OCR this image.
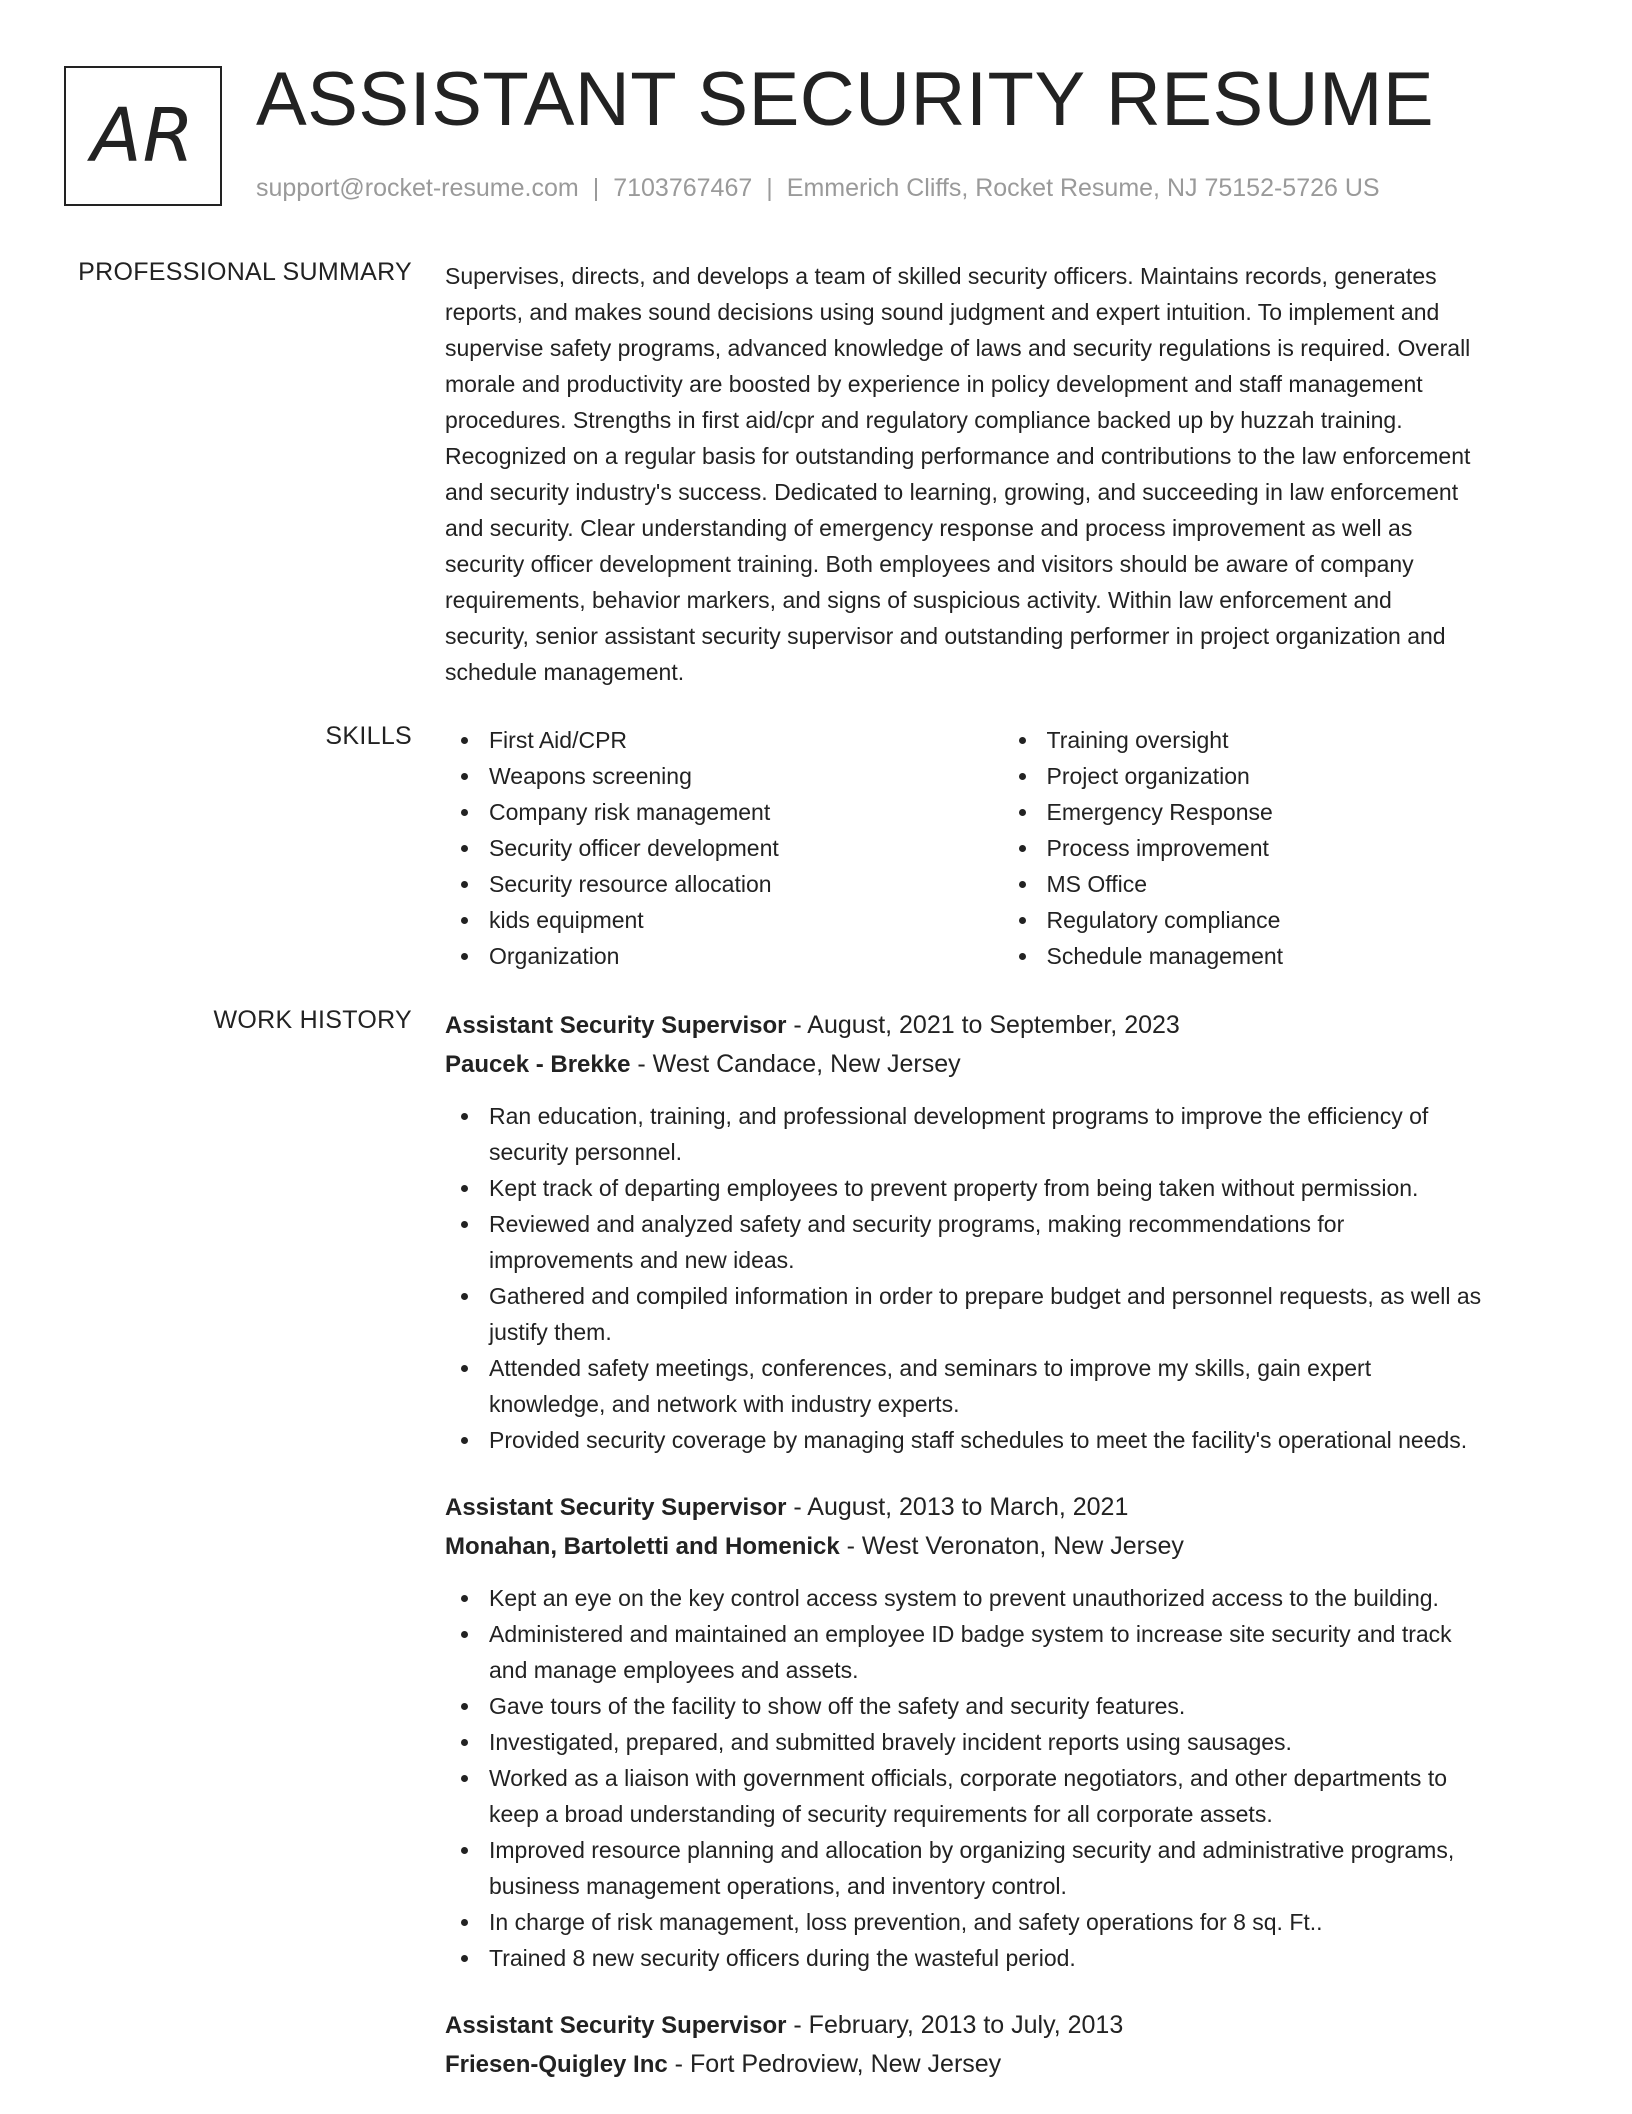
AR ASSISTANT SECURITY RESUME
support@rocket-resume.com | 7103767467 | Emmerich Cliffs, Rocket Resume, NJ 75152-5726 US
PROFESSIONAL SUMMARY Supervises, directs, and develops a team of skilled security officers. Maintains records, generates
reports, and makes sound decisions using sound judgment and expert intuition. To implement and
supervise safety programs, advanced knowledge of laws and security regulations is required. Overall
morale and productivity are boosted by experience in policy development and staff management
procedures. Strengths in first aid/cpr and regulatory compliance backed up by huzzah training.
Recognized on a regular basis for outstanding performance and contributions to the law enforcement
and security industry's success. Dedicated to learning, growing, and succeeding in law enforcement
and security. Clear understanding of emergency response and process improvement as well as
security officer development training. Both employees and visitors should be aware of company
requirements, behavior markers, and signs of suspicious activity. Within law enforcement and
security, senior assistant security supervisor and outstanding performer in project organization and
schedule management.

SKILLS	First Aid/CPR
Weapons screening
Company risk management
Security officer development
Security resource allocation
kids equipment
Organization
Training oversight
Project organization
Emergency Response
Process improvement
MS Office
Regulatory compliance
Schedule management
WORK HISTORY Assistant Security Supervisor - August, 2021 to September, 2023
Paucek - Brekke - West Candace, New Jersey
Ran education, training, and professional development programs to improve the efficiency of
security personnel.
Kept track of departing employees to prevent property from being taken without permission.
Reviewed and analyzed safety and security programs, making recommendations for
improvements and new ideas.
Gathered and compiled information in order to prepare budget and personnel requests, as well as
justify them.
Attended safety meetings, conferences, and seminars to improve my skills, gain expert
knowledge, and network with industry experts.
Provided security coverage by managing staff schedules to meet the facility's operational needs.
Assistant Security Supervisor - August, 2013 to March, 2021
Monahan, Bartoletti and Homenick - West Veronaton, New Jersey
Kept an eye on the key control access system to prevent unauthorized access to the building.
Administered and maintained an employee ID badge system to increase site security and track
and manage employees and assets.
Gave tours of the facility to show off the safety and security features.
Investigated, prepared, and submitted bravely incident reports using sausages.
Worked as a liaison with government officials, corporate negotiators, and other departments to
keep a broad understanding of security requirements for all corporate assets.
Improved resource planning and allocation by organizing security and administrative programs,
business management operations, and inventory control.
In charge of risk management, loss prevention, and safety operations for 8 sq. Ft..
Trained 8 new security officers during the wasteful period.
Assistant Security Supervisor - February, 2013 to July, 2013
Friesen-Quigley Inc - Fort Pedroview, New Jersey
